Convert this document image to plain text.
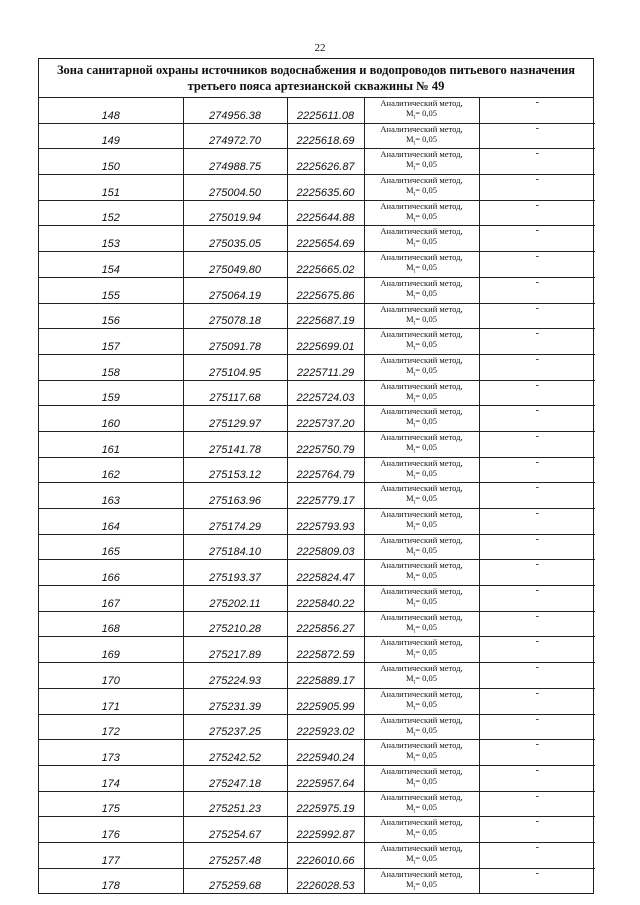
22
Зона санитарной охраны источников водоснабжения и водопроводов питьевого назначения
третьего пояса артезианской скважины № 49
148	274956.38	2225611.08	Аналитический метод,
$M_t= 0,05$	-
149	274972.70	2225618.69	Аналитический метод,
$M_t= 0,05$	-
150	274988.75	2225626.87	Аналитический метод,
$M_t= 0,05$	-
151	275004.50	2225635.60	Аналитический метод,
$M_t= 0,05$	-
152	275019.94	2225644.88	Аналитический метод,
$M_t= 0,05$	-
153	275035.05	2225654.69	Аналитический метод,
$M_t= 0,05$	-
154	275049.80	2225665.02	Аналитический метод,
$M_t= 0,05$	-
155	275064.19	2225675.86	Аналитический метод,
$M_t= 0,05$	-
156	275078.18	2225687.19	Аналитический метод,
$M_t= 0,05$	-
157	275091.78	2225699.01	Аналитический метод,
$M_t= 0,05$	-
158	275104.95	2225711.29	Аналитический метод,
$M_t= 0,05$	-
159	275117.68	2225724.03	Аналитический метод,
$M_t= 0,05$	-
160	275129.97	2225737.20	Аналитический метод,
$M_t= 0,05$	-
161	275141.78	2225750.79	Аналитический метод,
$M_t= 0,05$	-
162	275153.12	2225764.79	Аналитический метод,
$M_t= 0,05$	-
163	275163.96	2225779.17	Аналитический метод,
$M_t= 0,05$	-
164	275174.29	2225793.93	Аналитический метод,
$M_t= 0,05$	-
165	275184.10	2225809.03	Аналитический метод,
$M_t= 0,05$	-
166	275193.37	2225824.47	Аналитический метод,
$M_t= 0,05$	-
167	275202.11	2225840.22	Аналитический метод,
$M_t= 0,05$	-
168	275210.28	2225856.27	Аналитический метод,
$M_t= 0,05$	-
169	275217.89	2225872.59	Аналитический метод,
$M_t= 0,05$	-
170	275224.93	2225889.17	Аналитический метод,
$M_t= 0,05$	-
171	275231.39	2225905.99	Аналитический метод,
$M_t= 0,05$	-
172	275237.25	2225923.02	Аналитический метод,
$M_t= 0,05$	-
173	275242.52	2225940.24	Аналитический метод,
$M_t= 0,05$	-
174	275247.18	2225957.64	Аналитический метод,
$M_t= 0,05$	-
175	275251.23	2225975.19	Аналитический метод,
$M_t= 0,05$	-
176	275254.67	2225992.87	Аналитический метод,
$M_t= 0,05$	-
177	275257.48	2226010.66	Аналитический метод,
$M_t= 0,05$	-
178	275259.68	2226028.53	Аналитический метод,
$M_t= 0,05$	-
